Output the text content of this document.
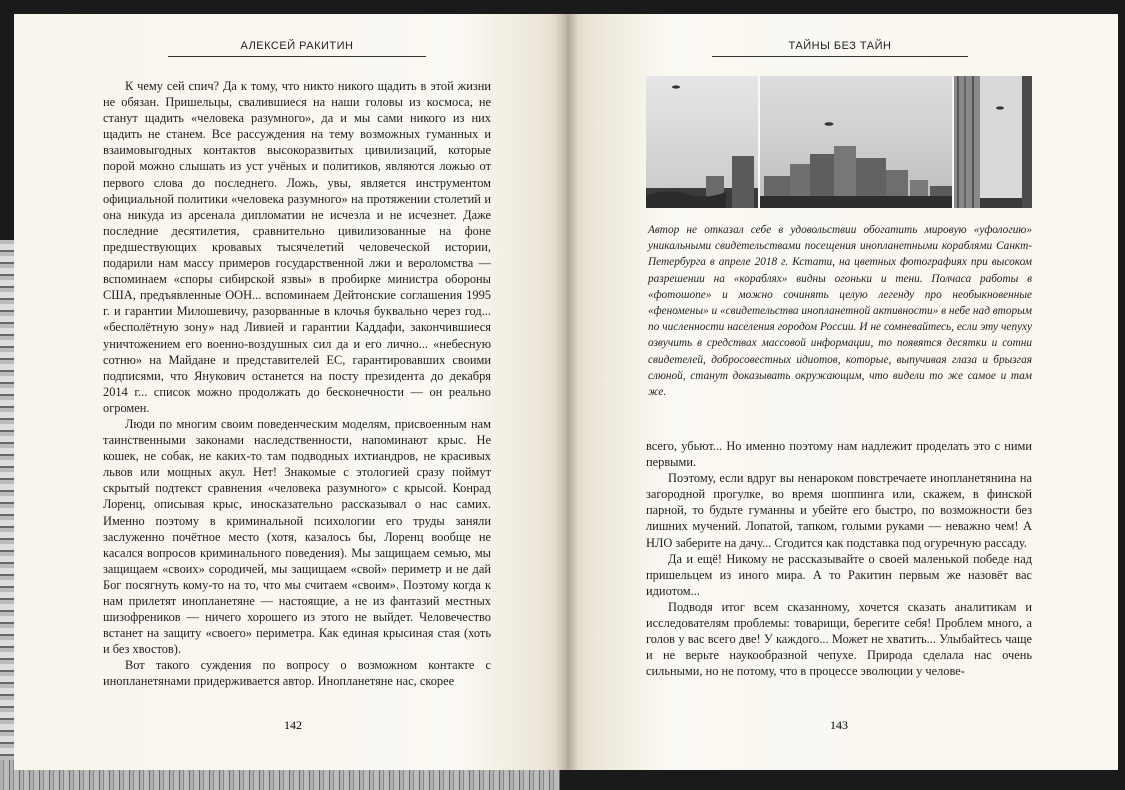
АЛЕКСЕЙ РАКИТИН

К чему сей спич? Да к тому, что никто никого щадить в этой жизни не обязан. Пришельцы, свалившиеся на наши головы из космоса, не станут щадить «человека разумного», да и мы сами никого из них щадить не станем. Все рассуждения на тему возможных гуманных и взаимовыгодных контактов высокоразвитых цивилизаций, которые порой можно слышать из уст учёных и политиков, являются ложью от первого слова до последнего. Ложь, увы, является инструментом официальной политики «человека разумного» на протяжении столетий и она никуда из арсенала дипломатии не исчезла и не исчезнет. Даже последние десятилетия, сравнительно цивилизованные на фоне предшествующих кровавых тысячелетий человеческой истории, подарили нам массу примеров государственной лжи и вероломства — вспоминаем «споры сибирской язвы» в пробирке министра обороны США, предъявленные ООН... вспоминаем Дейтонские соглашения 1995 г. и гарантии Милошевичу, разорванные в клочья буквально через год... «бесполётную зону» над Ливией и гарантии Каддафи, закончившиеся уничтожением его военно-воздушных сил да и его лично... «небесную сотню» на Майдане и представителей ЕС, гарантировавших своими подписями, что Янукович останется на посту президента до декабря 2014 г... список можно продолжать до бесконечности — он реально огромен.

Люди по многим своим поведенческим моделям, присвоенным нам таинственными законами наследственности, напоминают крыс. Не кошек, не собак, не каких-то там подводных ихтиандров, не красивых львов или мощных акул. Нет! Знакомые с этологией сразу поймут скрытый подтекст сравнения «человека разумного» с крысой. Конрад Лоренц, описывая крыс, иносказательно рассказывал о нас самих. Именно поэтому в криминальной психологии его труды заняли заслуженно почётное место (хотя, казалось бы, Лоренц вообще не касался вопросов криминального поведения). Мы защищаем семью, мы защищаем «своих» сородичей, мы защищаем «свой» периметр и не дай Бог посягнуть кому-то на то, что мы считаем «своим». Поэтому когда к нам прилетят инопланетяне — настоящие, а не из фантазий местных шизофреников — ничего хорошего из этого не выйдет. Человечество встанет на защиту «своего» периметра. Как единая крысиная стая (хоть и без хвостов).

Вот такого суждения по вопросу о возможном контакте с инопланетянами придерживается автор. Инопланетяне нас, скорее

142
ТАЙНЫ БЕЗ ТАЙН
Автор не отказал себе в удовольствии обогатить мировую «уфологию» уникальными свидетельствами посещения инопланетными кораблями Санкт-Петербурга в апреле 2018 г. Кстати, на цветных фотографиях при высоком разрешении на «кораблях» видны огоньки и тени. Полчаса работы в «фотошопе» и можно сочинять целую легенду про необыкновенные «феномены» и «свидетельства инопланетной активности» в небе над вторым по численности населения городом России. И не сомневайтесь, если эту чепуху озвучить в средствах массовой информации, то появятся десятки и сотни свидетелей, добросовестных идиотов, которые, выпучивая глаза и брызгая слюной, станут доказывать окружающим, что видели то же самое и там же.

всего, убьют... Но именно поэтому нам надлежит проделать это с ними первыми.

Поэтому, если вдруг вы ненароком повстречаете инопланетянина на загородной прогулке, во время шоппинга или, скажем, в финской парной, то будьте гуманны и убейте его быстро, по возможности без лишних мучений. Лопатой, тапком, голыми руками — неважно чем! А НЛО заберите на дачу... Сгодится как подставка под огуречную рассаду.

Да и ещё! Никому не рассказывайте о своей маленькой победе над пришельцем из иного мира. А то Ракитин первым же назовёт вас идиотом...

Подводя итог всем сказанному, хочется сказать аналитикам и исследователям проблемы: товарищи, берегите себя! Проблем много, а голов у вас всего две! У каждого... Может не хватить... Улыбайтесь чаще и не верьте наукообразной чепухе. Природа сделала нас очень сильными, но не потому, что в процессе эволюции у челове-

143
